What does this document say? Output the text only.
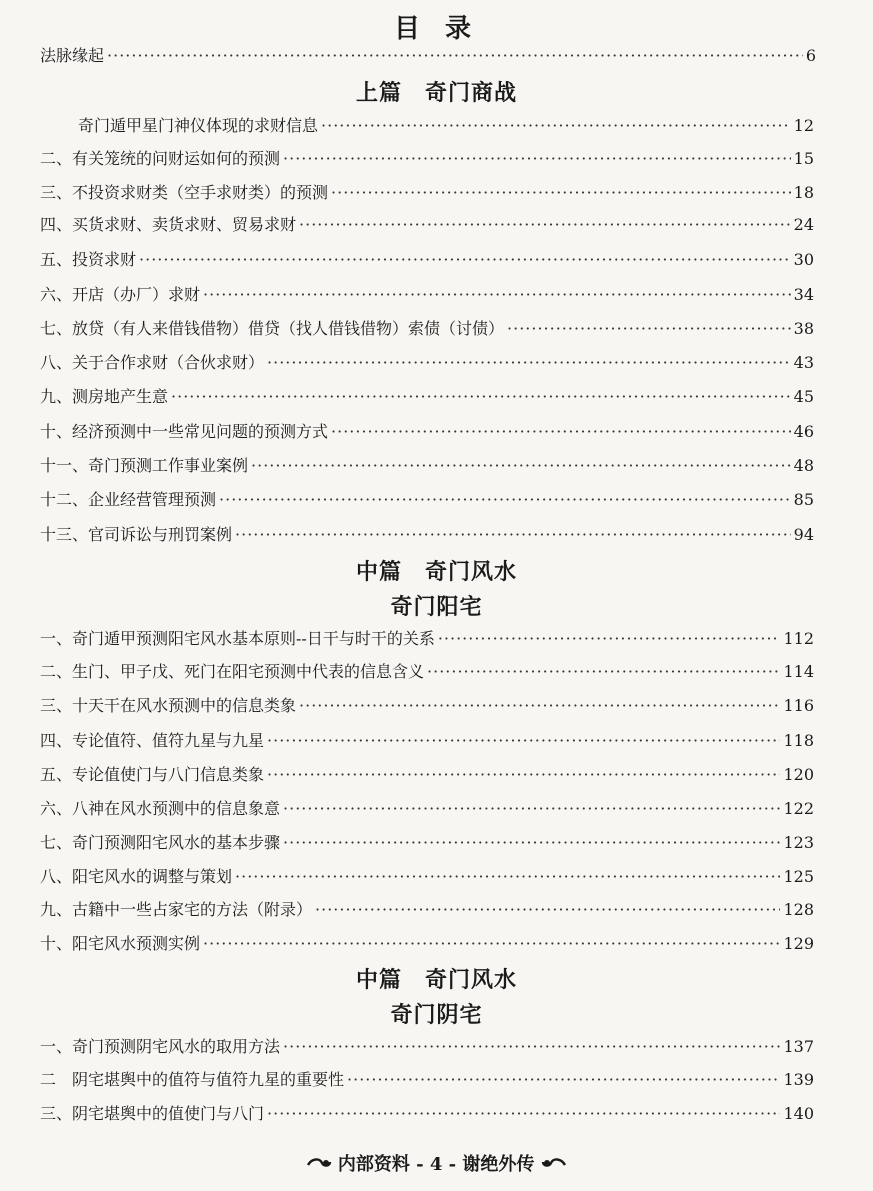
目 录
法脉缘起 ·····	6
上篇　奇门商战
奇门遁甲星门神仪体现的求财信息 ·····	12
二、有关笼统的问财运如何的预测 ·····	15
三、不投资求财类（空手求财类）的预测 ·····	18
四、买货求财、卖货求财、贸易求财 ·····	24
五、投资求财 ·····	30
六、开店（办厂）求财 ·····	34
七、放贷（有人来借钱借物）借贷（找人借钱借物）索债（讨债） ·····	38
八、关于合作求财（合伙求财） ·····	43
九、测房地产生意 ·····	45
十、经济预测中一些常见问题的预测方式 ·····	46
十一、奇门预测工作事业案例 ·····	48
十二、企业经营管理预测 ·····	85
十三、官司诉讼与刑罚案例 ·····	94
中篇　奇门风水
奇门阳宅
一、奇门遁甲预测阳宅风水基本原则--日干与时干的关系 ·····	112
二、生门、甲子戊、死门在阳宅预测中代表的信息含义 ·····	114
三、十天干在风水预测中的信息类象 ·····	116
四、专论值符、值符九星与九星 ·····	118
五、专论值使门与八门信息类象 ·····	120
六、八神在风水预测中的信息象意 ·····	122
七、奇门预测阳宅风水的基本步骤 ·····	123
八、阳宅风水的调整与策划 ·····	125
九、古籍中一些占家宅的方法（附录） ·····	128
十、阳宅风水预测实例 ·····	129
中篇　奇门风水
奇门阴宅
一、奇门预测阴宅风水的取用方法 ·····	137
二　阴宅堪舆中的值符与值符九星的重要性 ·····	139
三、阴宅堪舆中的值使门与八门 ·····	140
内部资料 - 4 - 谢绝外传
